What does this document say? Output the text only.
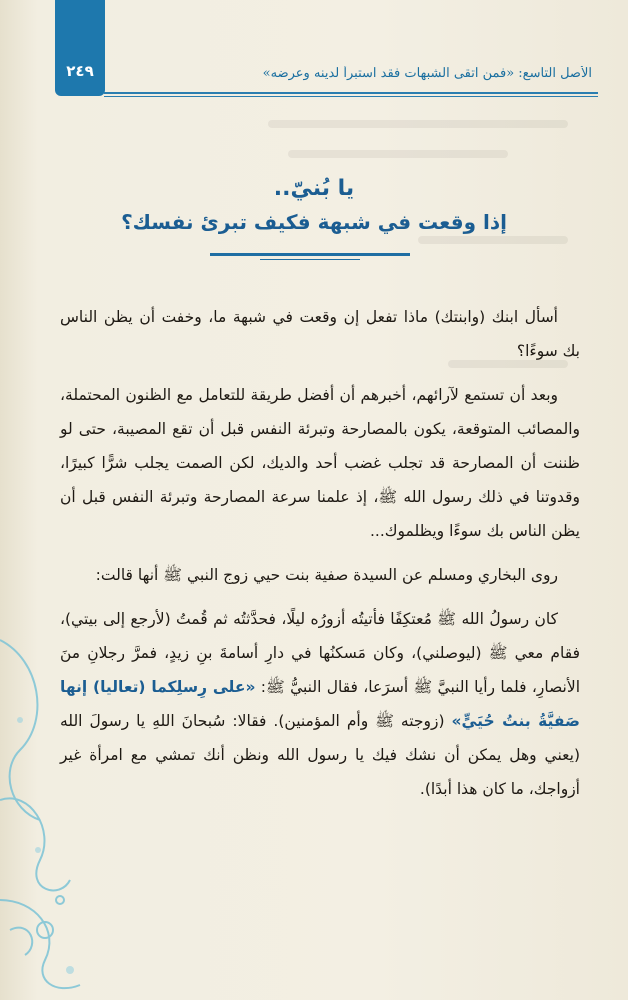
٢٤٩	الأصل التاسع: «فمن اتقى الشبهات فقد استبرأ لدينه وعرضه»
يا بُنيّ..
إذا وقعت في شبهة فكيف تبرئ نفسك؟

أسأل ابنك (وابنتك) ماذا تفعل إن وقعت في شبهة ما، وخفت أن يظن الناس بك سوءًا؟

وبعد أن تستمع لآرائهم، أخبرهم أن أفضل طريقة للتعامل مع الظنون المحتملة، والمصائب المتوقعة، يكون بالمصارحة وتبرئة النفس قبل أن تقع المصيبة، حتى لو ظننت أن المصارحة قد تجلب غضب أحد والديك، لكن الصمت يجلب شرًّا كبيرًا، وقدوتنا في ذلك رسول الله ﷺ، إذ علمنا سرعة المصارحة وتبرئة النفس قبل أن يظن الناس بك سوءًا ويظلموك...

روى البخاري ومسلم عن السيدة صفية بنت حيي زوج النبي ﷺ أنها قالت:

كان رسولُ الله ﷺ مُعتكِفًا فأتيتُه أزورُه ليلًا، فحدَّثتُه ثم قُمتُ (لأرجع إلى بيتي)، فقام معي ﷺ (ليوصلني)، وكان مَسكنُها في دارِ أسامةَ بنِ زيدٍ، فمرَّ رجلانِ منَ الأنصارِ، فلما رأيا النبيَّ ﷺ أسرَعا، فقال النبيُّ ﷺ: «على رِسلِكما (تعاليا) إنها صَفيَّةُ بنتُ حُيَيٍّ» (زوجته ﷺ وأم المؤمنين). فقالا: سُبحانَ اللهِ يا رسولَ الله (يعني وهل يمكن أن نشك فيك يا رسول الله ونظن أنك تمشي مع امرأة غير أزواجك، ما كان هذا أبدًا).
